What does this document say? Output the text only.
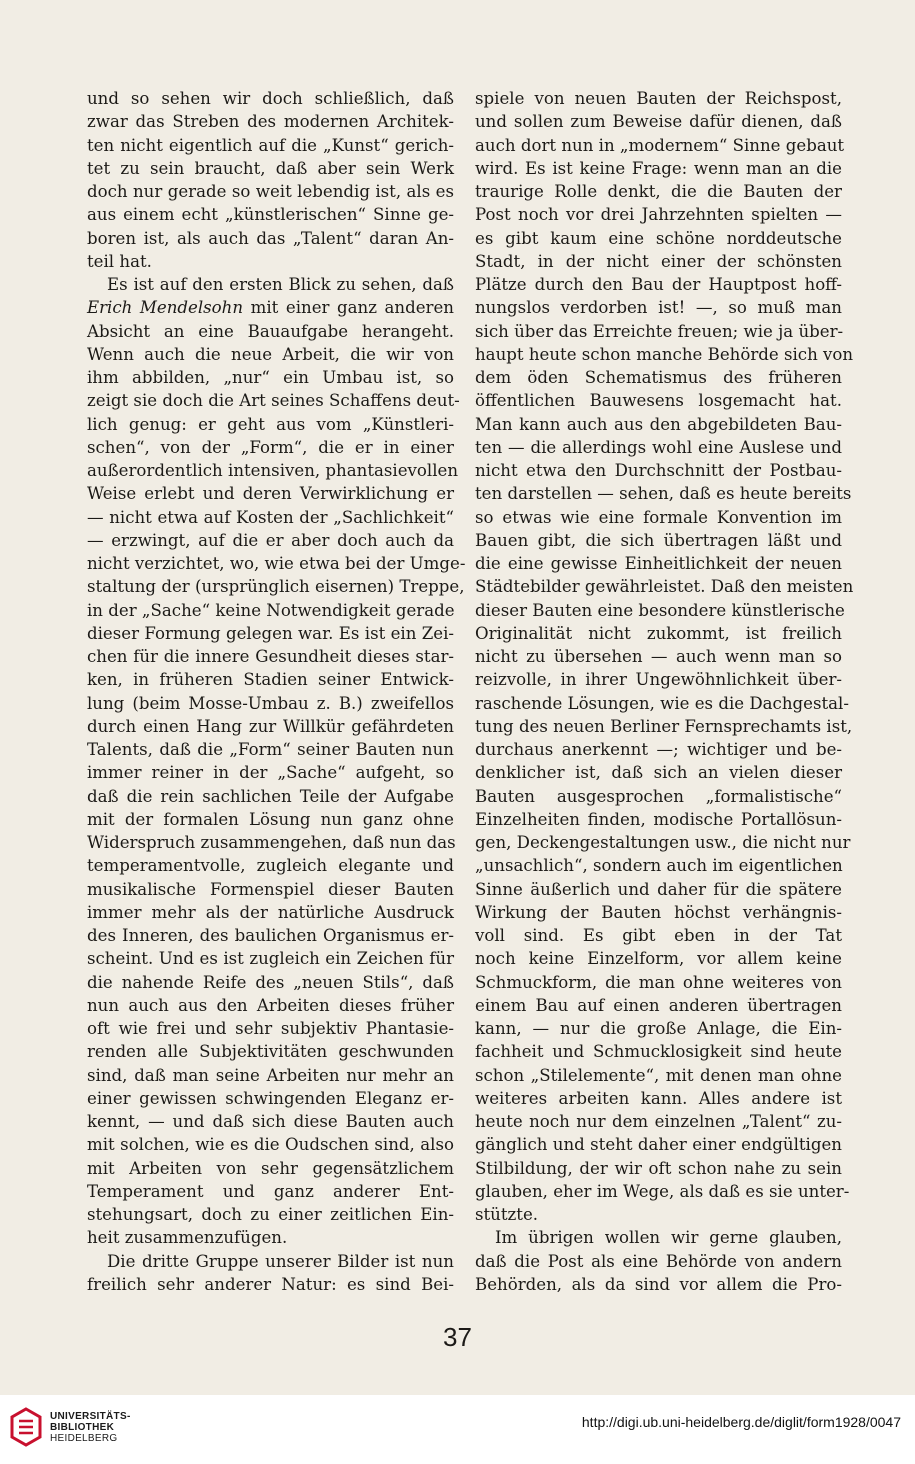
und so sehen wir doch schließlich, daß
zwar das Streben des modernen Architek-
ten nicht eigentlich auf die „Kunst“ gerich-
tet zu sein braucht, daß aber sein Werk
doch nur gerade so weit lebendig ist, als es
aus einem echt „künstlerischen“ Sinne ge-
boren ist, als auch das „Talent“ daran An-
teil hat.
Es ist auf den ersten Blick zu sehen, daß
Erich Mendelsohn mit einer ganz anderen
Absicht an eine Bauaufgabe herangeht.
Wenn auch die neue Arbeit, die wir von
ihm abbilden, „nur“ ein Umbau ist, so
zeigt sie doch die Art seines Schaffens deut-
lich genug: er geht aus vom „Künstleri-
schen“, von der „Form“, die er in einer
außerordentlich intensiven, phantasievollen
Weise erlebt und deren Verwirklichung er
— nicht etwa auf Kosten der „Sachlichkeit“
— erzwingt, auf die er aber doch auch da
nicht verzichtet, wo, wie etwa bei der Umge-
staltung der (ursprünglich eisernen) Treppe,
in der „Sache“ keine Notwendigkeit gerade
dieser Formung gelegen war. Es ist ein Zei-
chen für die innere Gesundheit dieses star-
ken, in früheren Stadien seiner Entwick-
lung (beim Mosse-Umbau z. B.) zweifellos
durch einen Hang zur Willkür gefährdeten
Talents, daß die „Form“ seiner Bauten nun
immer reiner in der „Sache“ aufgeht, so
daß die rein sachlichen Teile der Aufgabe
mit der formalen Lösung nun ganz ohne
Widerspruch zusammengehen, daß nun das
temperamentvolle, zugleich elegante und
musikalische Formenspiel dieser Bauten
immer mehr als der natürliche Ausdruck
des Inneren, des baulichen Organismus er-
scheint. Und es ist zugleich ein Zeichen für
die nahende Reife des „neuen Stils“, daß
nun auch aus den Arbeiten dieses früher
oft wie frei und sehr subjektiv Phantasie-
renden alle Subjektivitäten geschwunden
sind, daß man seine Arbeiten nur mehr an
einer gewissen schwingenden Eleganz er-
kennt, — und daß sich diese Bauten auch
mit solchen, wie es die Oudschen sind, also
mit Arbeiten von sehr gegensätzlichem
Temperament und ganz anderer Ent-
stehungsart, doch zu einer zeitlichen Ein-
heit zusammenzufügen.
Die dritte Gruppe unserer Bilder ist nun
freilich sehr anderer Natur: es sind Bei-
spiele von neuen Bauten der Reichspost,
und sollen zum Beweise dafür dienen, daß
auch dort nun in „modernem“ Sinne gebaut
wird. Es ist keine Frage: wenn man an die
traurige Rolle denkt, die die Bauten der
Post noch vor drei Jahrzehnten spielten —
es gibt kaum eine schöne norddeutsche
Stadt, in der nicht einer der schönsten
Plätze durch den Bau der Hauptpost hoff-
nungslos verdorben ist! —, so muß man
sich über das Erreichte freuen; wie ja über-
haupt heute schon manche Behörde sich von
dem öden Schematismus des früheren
öffentlichen Bauwesens losgemacht hat.
Man kann auch aus den abgebildeten Bau-
ten — die allerdings wohl eine Auslese und
nicht etwa den Durchschnitt der Postbau-
ten darstellen — sehen, daß es heute bereits
so etwas wie eine formale Konvention im
Bauen gibt, die sich übertragen läßt und
die eine gewisse Einheitlichkeit der neuen
Städtebilder gewährleistet. Daß den meisten
dieser Bauten eine besondere künstlerische
Originalität nicht zukommt, ist freilich
nicht zu übersehen — auch wenn man so
reizvolle, in ihrer Ungewöhnlichkeit über-
raschende Lösungen, wie es die Dachgestal-
tung des neuen Berliner Fernsprechamts ist,
durchaus anerkennt —; wichtiger und be-
denklicher ist, daß sich an vielen dieser
Bauten ausgesprochen „formalistische“
Einzelheiten finden, modische Portallösun-
gen, Deckengestaltungen usw., die nicht nur
„unsachlich“, sondern auch im eigentlichen
Sinne äußerlich und daher für die spätere
Wirkung der Bauten höchst verhängnis-
voll sind. Es gibt eben in der Tat
noch keine Einzelform, vor allem keine
Schmuckform, die man ohne weiteres von
einem Bau auf einen anderen übertragen
kann, — nur die große Anlage, die Ein-
fachheit und Schmucklosigkeit sind heute
schon „Stilelemente“, mit denen man ohne
weiteres arbeiten kann. Alles andere ist
heute noch nur dem einzelnen „Talent“ zu-
gänglich und steht daher einer endgültigen
Stilbildung, der wir oft schon nahe zu sein
glauben, eher im Wege, als daß es sie unter-
stützte.
Im übrigen wollen wir gerne glauben,
daß die Post als eine Behörde von andern
Behörden, als da sind vor allem die Pro-
37
UNIVERSITÄTS-
BIBLIOTHEK
HEIDELBERG
http://digi.ub.uni-heidelberg.de/diglit/form1928/0047
